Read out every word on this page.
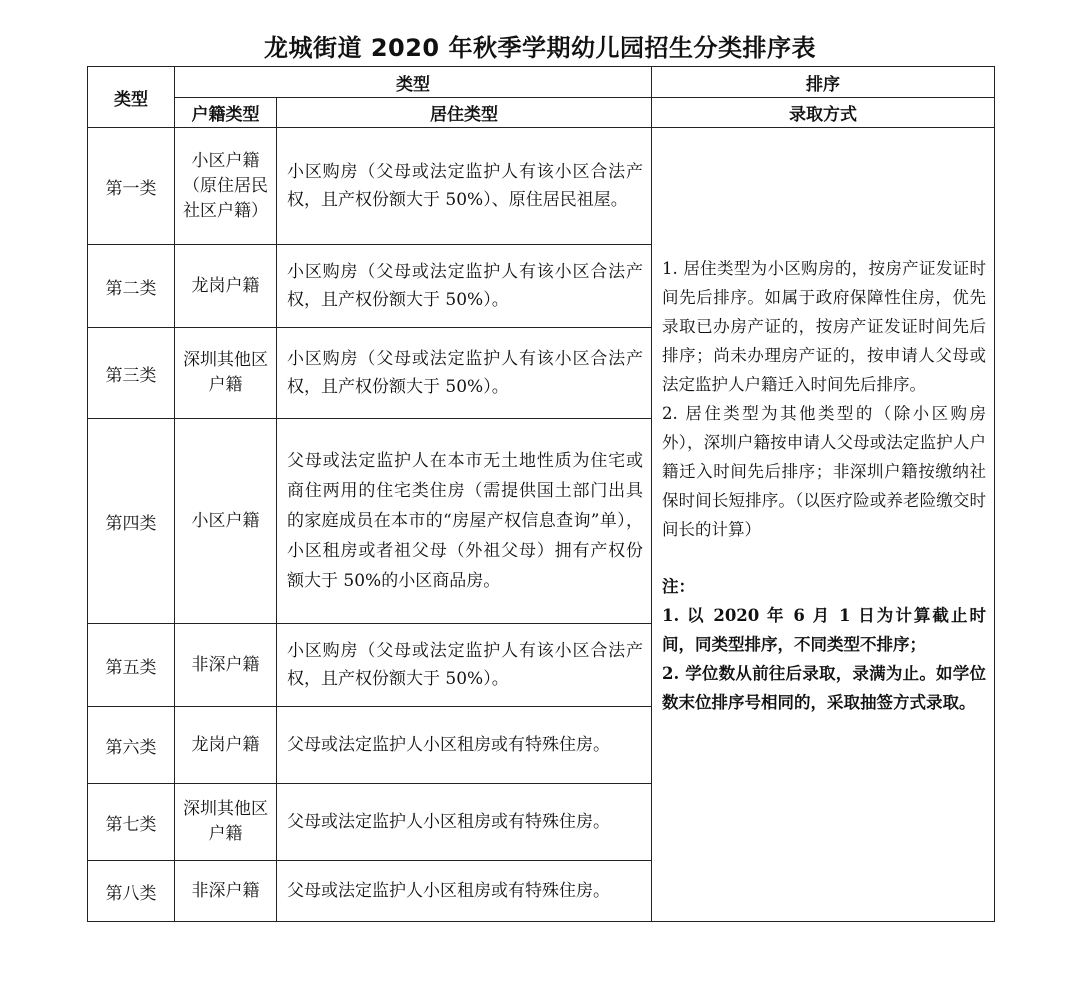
龙城街道 2020 年秋季学期幼儿园招生分类排序表
类型	类型		排序
	户籍类型	居住类型	录取方式
第一类	小区户籍（原住居民社区户籍）	小区购房（父母或法定监护人有该小区合法产权，且产权份额大于 50%）、原住居民祖屋。	1. 居住类型为小区购房的，按房产证发证时间先后排序。如属于政府保障性住房，优先录取已办房产证的，按房产证发证时间先后排序；尚未办理房产证的，按申请人父母或法定监护人户籍迁入时间先后排序。

2. 居住类型为其他类型的（除小区购房外），深圳户籍按申请人父母或法定监护人户籍迁入时间先后排序；非深圳户籍按缴纳社保时间长短排序。（以医疗险或养老险缴交时间长的计算）

注：

1. 以 2020 年 6 月 1 日为计算截止时间，同类型排序，不同类型不排序；

2. 学位数从前往后录取，录满为止。如学位数末位排序号相同的，采取抽签方式录取。

第二类	龙岗户籍	小区购房（父母或法定监护人有该小区合法产权，且产权份额大于 50%）。	
第三类	深圳其他区户籍	小区购房（父母或法定监护人有该小区合法产权，且产权份额大于 50%）。	
第四类	小区户籍	父母或法定监护人在本市无土地性质为住宅或商住两用的住宅类住房（需提供国土部门出具的家庭成员在本市的“房屋产权信息查询”单），小区租房或者祖父母（外祖父母）拥有产权份额大于 50%的小区商品房。	
第五类	非深户籍	小区购房（父母或法定监护人有该小区合法产权，且产权份额大于 50%）。	
第六类	龙岗户籍	父母或法定监护人小区租房或有特殊住房。	
第七类	深圳其他区户籍	父母或法定监护人小区租房或有特殊住房。	
第八类	非深户籍	父母或法定监护人小区租房或有特殊住房。	
